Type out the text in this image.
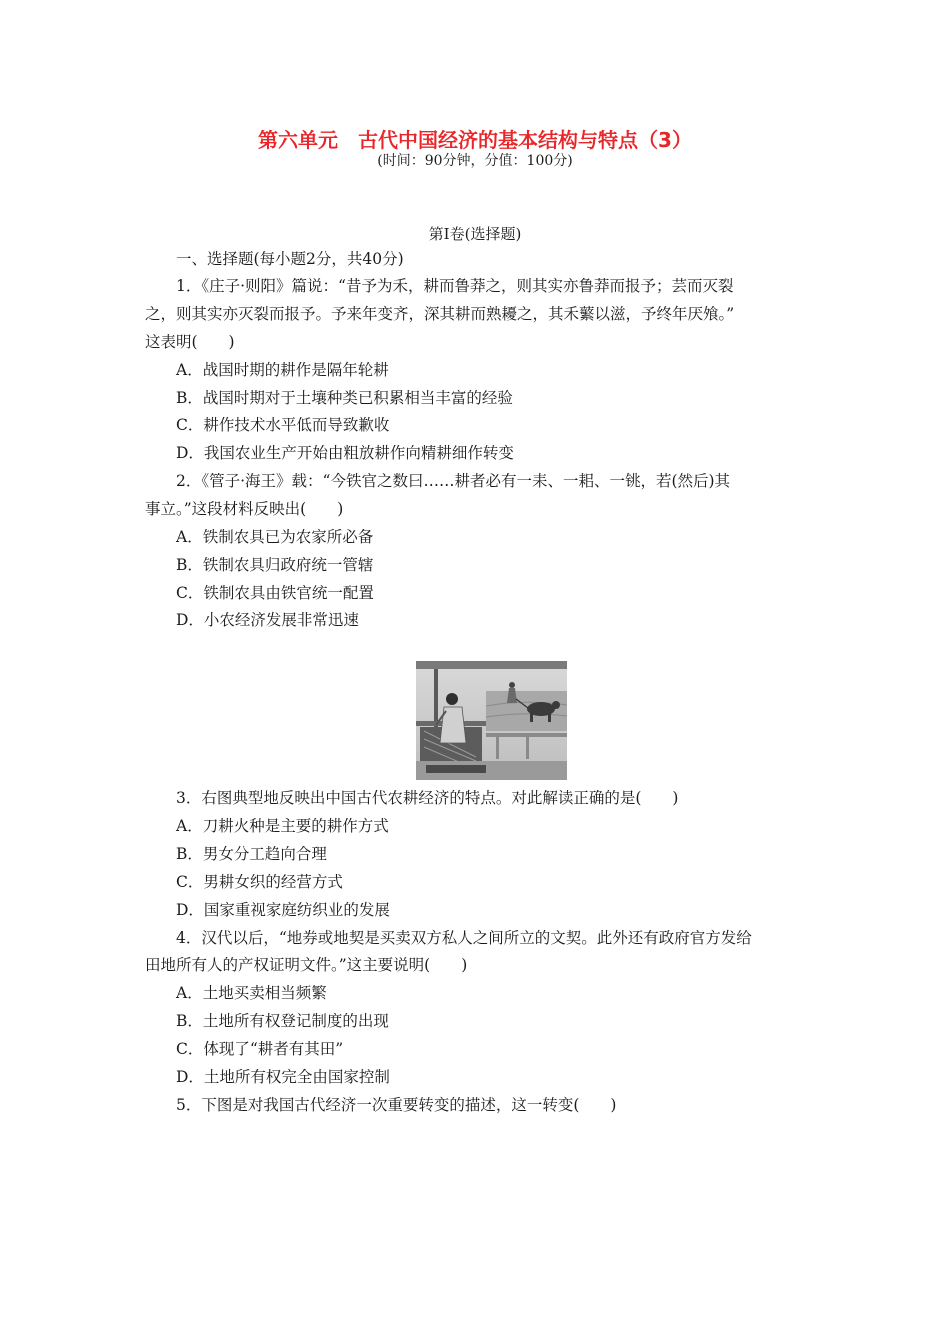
第六单元　古代中国经济的基本结构与特点（3）
(时间：90分钟，分值：100分)
第Ⅰ卷(选择题)
一、选择题(每小题2分，共40分)
1．《庄子·则阳》篇说：“昔予为禾，耕而鲁莽之，则其实亦鲁莽而报予；芸而灭裂
之，则其实亦灭裂而报予。予来年变齐，深其耕而熟耰之，其禾蘩以滋，予终年厌飧。”
这表明(　　)
A．战国时期的耕作是隔年轮耕
B．战国时期对于土壤种类已积累相当丰富的经验
C．耕作技术水平低而导致歉收
D．我国农业生产开始由粗放耕作向精耕细作转变
2．《管子·海王》载：“今铁官之数曰……耕者必有一耒、一耜、一铫，若(然后)其
事立。”这段材料反映出(　　)
A．铁制农具已为农家所必备
B．铁制农具归政府统一管辖
C．铁制农具由铁官统一配置
D．小农经济发展非常迅速
3．右图典型地反映出中国古代农耕经济的特点。对此解读正确的是(　　)
A．刀耕火种是主要的耕作方式
B．男女分工趋向合理
C．男耕女织的经营方式
D．国家重视家庭纺织业的发展
4．汉代以后，“地券或地契是买卖双方私人之间所立的文契。此外还有政府官方发给
田地所有人的产权证明文件。”这主要说明(　　)
A．土地买卖相当频繁
B．土地所有权登记制度的出现
C．体现了“耕者有其田”
D．土地所有权完全由国家控制
5．下图是对我国古代经济一次重要转变的描述，这一转变(　　)
